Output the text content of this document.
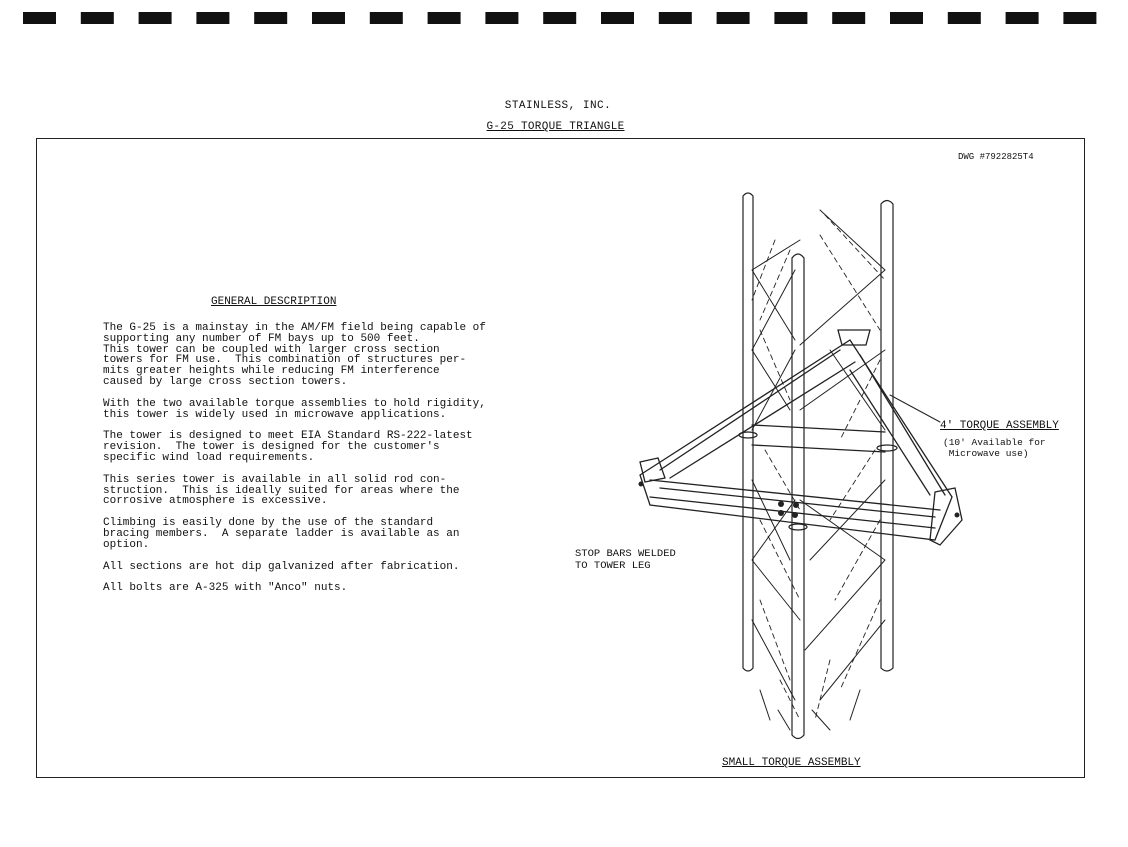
STAINLESS, INC.
G-25 TORQUE TRIANGLE
DWG #7922825T4
GENERAL DESCRIPTION

The G-25 is a mainstay in the AM/FM field being capable of
supporting any number of FM bays up to 500 feet.
This tower can be coupled with larger cross section
towers for FM use.  This combination of structures per-
mits greater heights while reducing FM interference
caused by large cross section towers.

With the two available torque assemblies to hold rigidity,
this tower is widely used in microwave applications.

The tower is designed to meet EIA Standard RS-222-latest
revision.  The tower is designed for the customer's
specific wind load requirements.

This series tower is available in all solid rod con-
struction.  This is ideally suited for areas where the
corrosive atmosphere is excessive.

Climbing is easily done by the use of the standard
bracing members.  A separate ladder is available as an
option.

All sections are hot dip galvanized after fabrication.

All bolts are A-325 with "Anco" nuts.

4' TORQUE ASSEMBLY
(10' Available for
Microwave use)
STOP BARS WELDED
TO TOWER LEG
SMALL TORQUE ASSEMBLY
